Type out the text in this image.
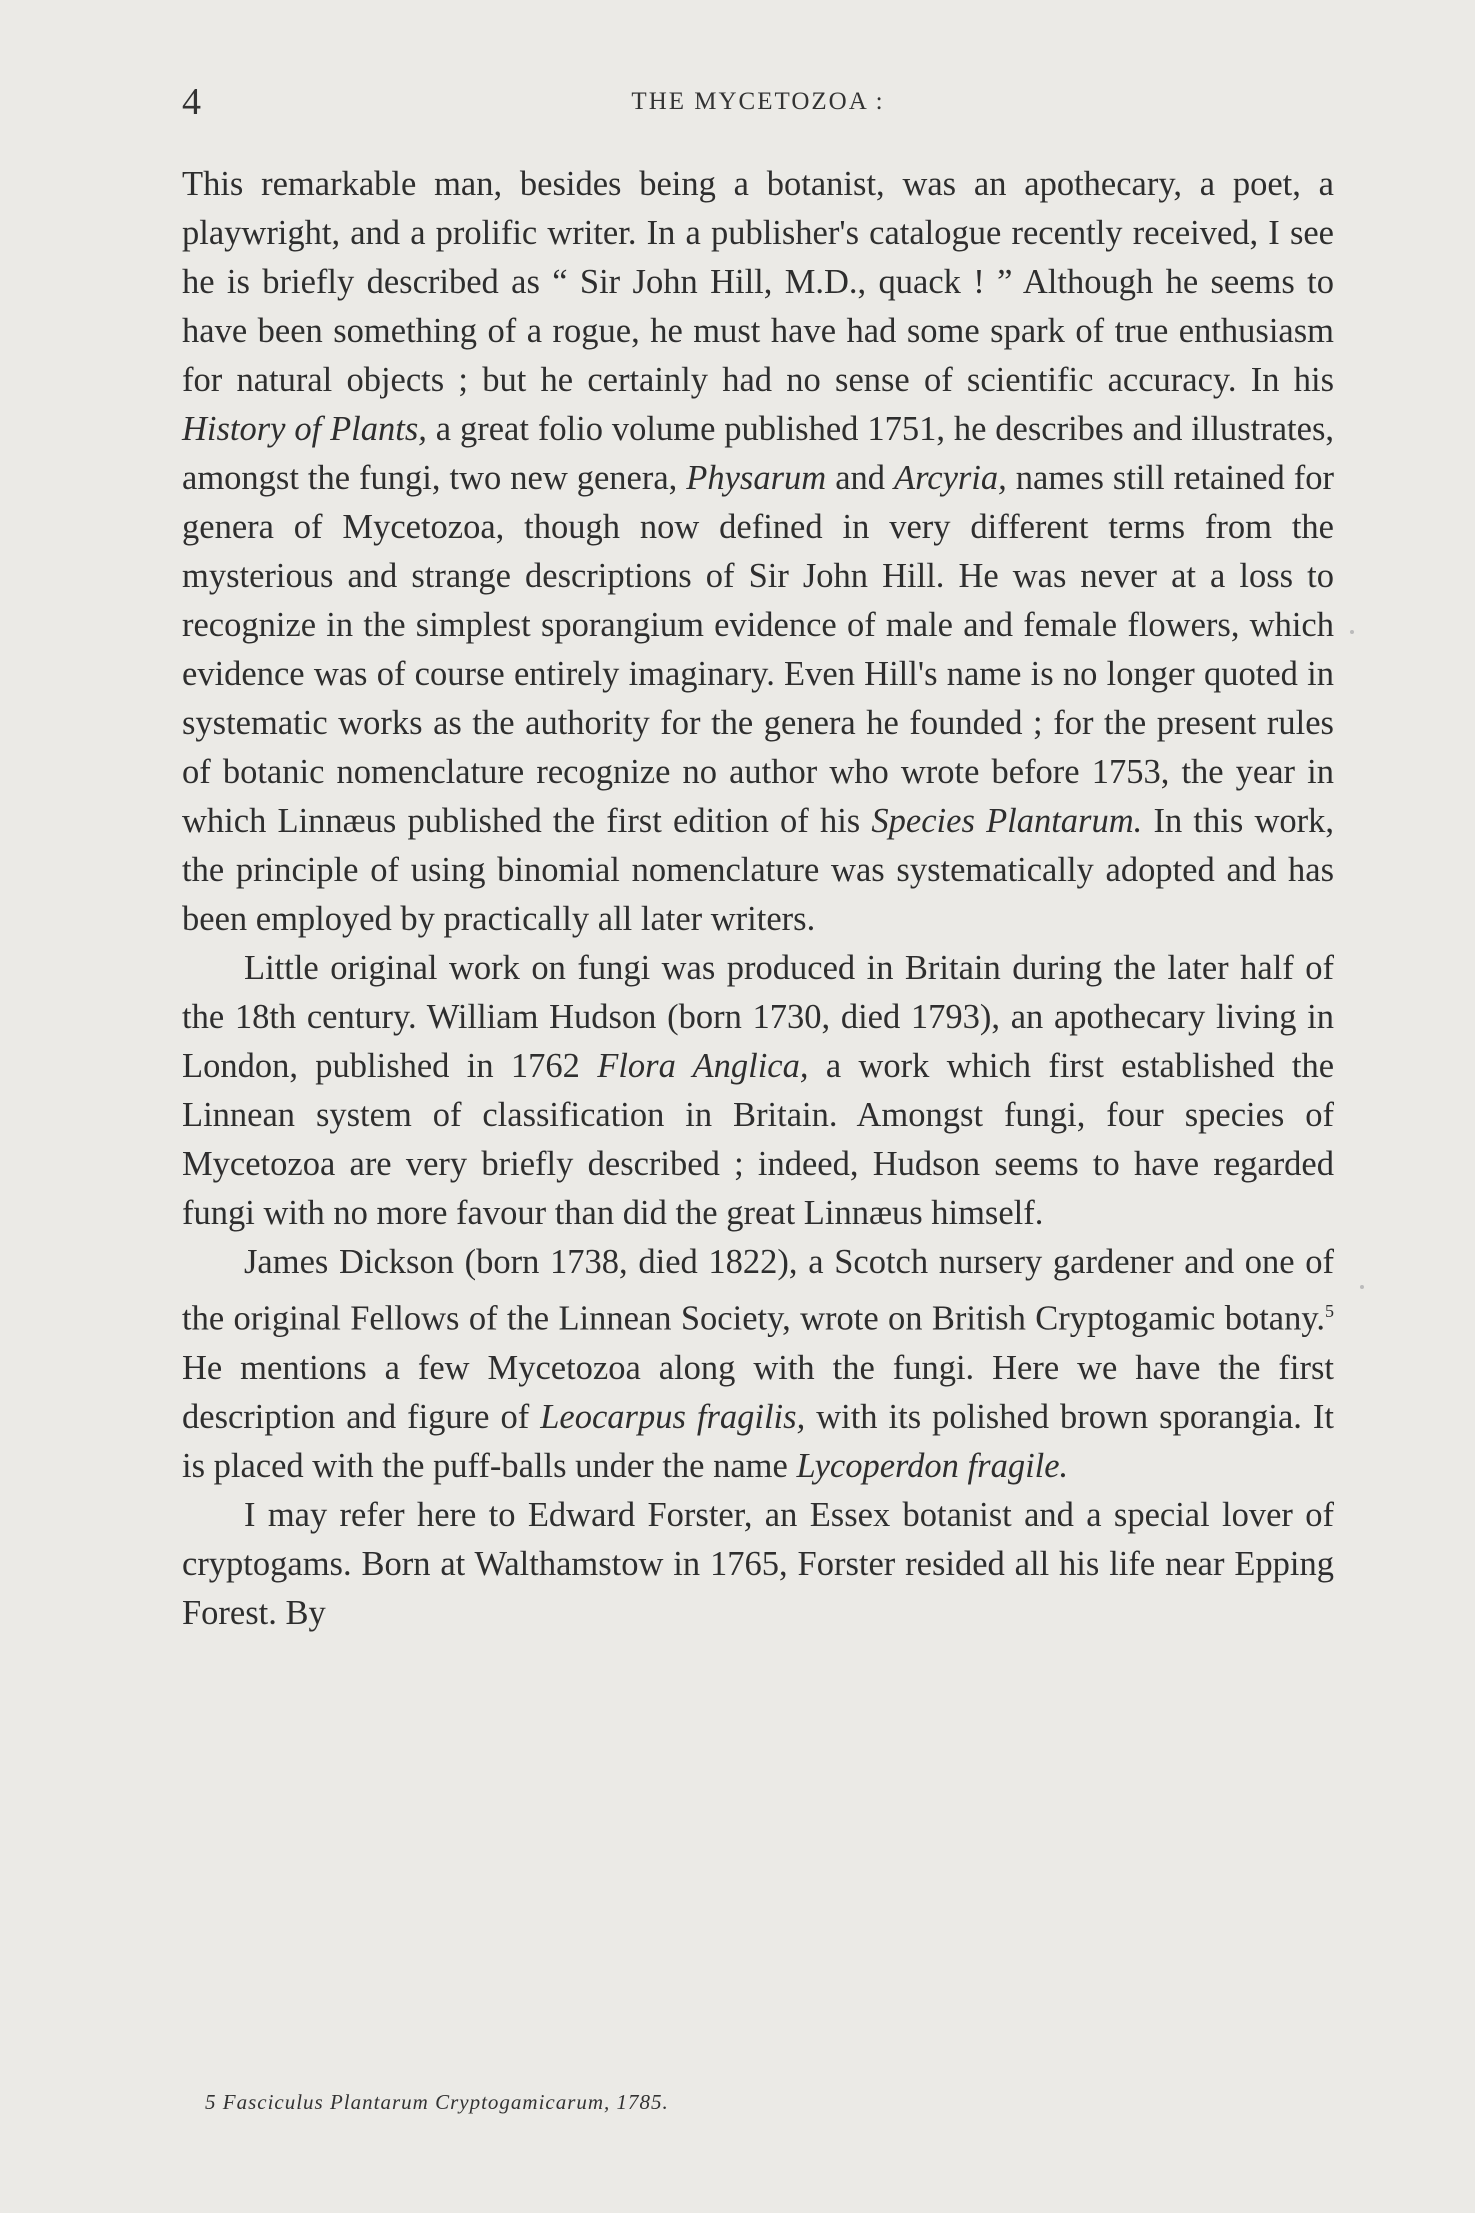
4	THE MYCETOZOA :

This remarkable man, besides being a botanist, was an apothecary, a poet, a playwright, and a prolific writer. In a publisher's catalogue recently received, I see he is briefly described as “ Sir John Hill, M.D., quack ! ” Although he seems to have been something of a rogue, he must have had some spark of true enthusiasm for natural objects ; but he certainly had no sense of scientific accuracy. In his History of Plants, a great folio volume published 1751, he describes and illustrates, amongst the fungi, two new genera, Physarum and Arcyria, names still retained for genera of Mycetozoa, though now defined in very different terms from the mysterious and strange descriptions of Sir John Hill. He was never at a loss to recognize in the simplest sporangium evidence of male and female flowers, which evidence was of course entirely imaginary. Even Hill's name is no longer quoted in systematic works as the authority for the genera he founded ; for the present rules of botanic nomenclature recognize no author who wrote before 1753, the year in which Linnæus published the first edition of his Species Plantarum. In this work, the principle of using binomial nomenclature was systematically adopted and has been employed by practically all later writers.

Little original work on fungi was produced in Britain during the later half of the 18th century. William Hudson (born 1730, died 1793), an apothecary living in London, published in 1762 Flora Anglica, a work which first established the Linnean system of classification in Britain. Amongst fungi, four species of Mycetozoa are very briefly described ; indeed, Hudson seems to have regarded fungi with no more favour than did the great Linnæus himself.

James Dickson (born 1738, died 1822), a Scotch nursery gardener and one of the original Fellows of the Linnean Society, wrote on British Cryptogamic botany.$^5$ He mentions a few Mycetozoa along with the fungi. Here we have the first description and figure of Leocarpus fragilis, with its polished brown sporangia. It is placed with the puff-balls under the name Lycoperdon fragile.

I may refer here to Edward Forster, an Essex botanist and a special lover of cryptogams. Born at Walthamstow in 1765, Forster resided all his life near Epping Forest. By

5 Fasciculus Plantarum Cryptogamicarum, 1785.
